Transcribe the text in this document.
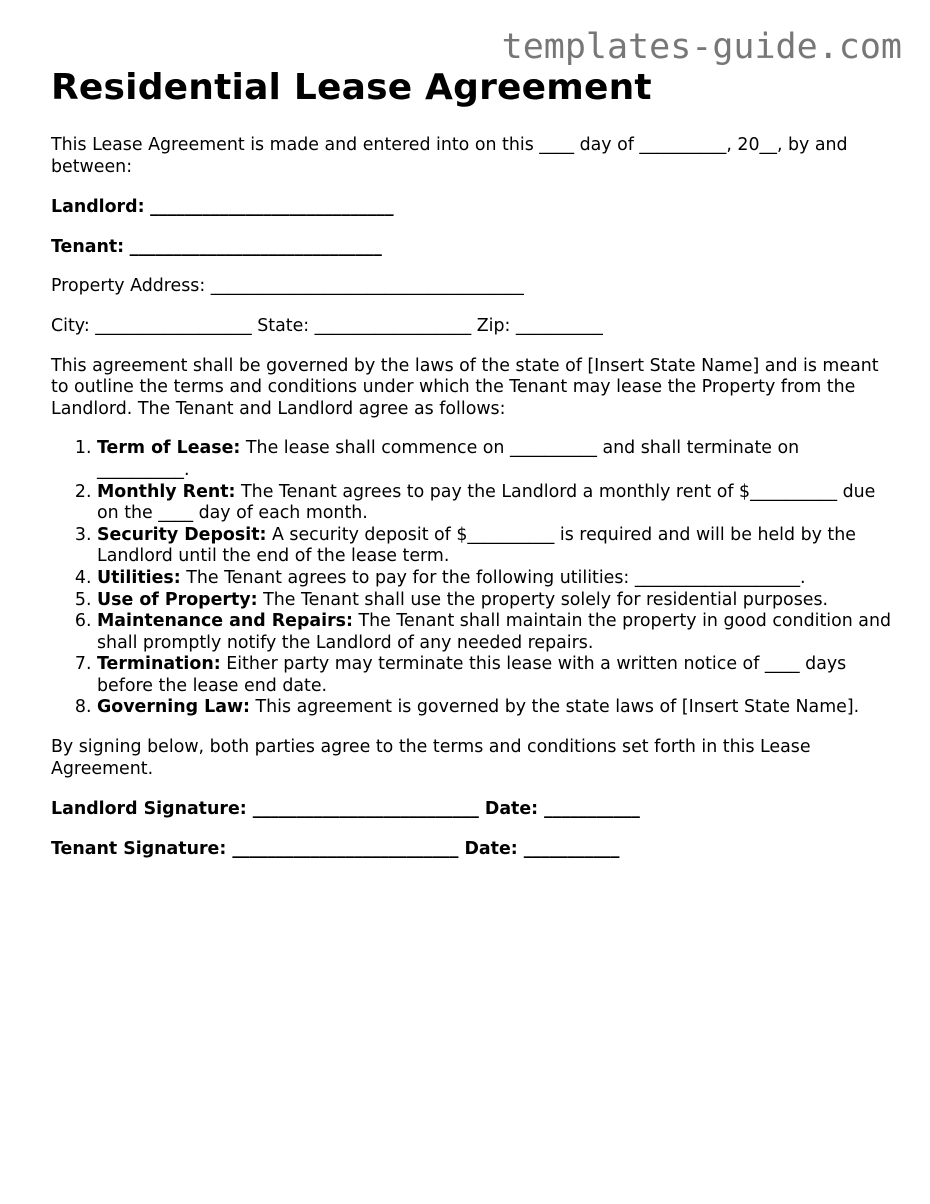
templates-guide.com
Residential Lease Agreement

This Lease Agreement is made and entered into on this ____ day of __________, 20__, by and between:

Landlord: ____________________________

Tenant: _____________________________

Property Address: ____________________________________

City: __________________ State: __________________ Zip: __________

This agreement shall be governed by the laws of the state of [Insert State Name] and is meant to outline the terms and conditions under which the Tenant may lease the Property from the Landlord. The Tenant and Landlord agree as follows:

1. Term of Lease: The lease shall commence on __________ and shall terminate on __________.
2. Monthly Rent: The Tenant agrees to pay the Landlord a monthly rent of $__________ due on the ____ day of each month.
3. Security Deposit: A security deposit of $__________ is required and will be held by the Landlord until the end of the lease term.
4. Utilities: The Tenant agrees to pay for the following utilities: ___________________.
5. Use of Property: The Tenant shall use the property solely for residential purposes.
6. Maintenance and Repairs: The Tenant shall maintain the property in good condition and shall promptly notify the Landlord of any needed repairs.
7. Termination: Either party may terminate this lease with a written notice of ____ days before the lease end date.
8. Governing Law: This agreement is governed by the state laws of [Insert State Name].

By signing below, both parties agree to the terms and conditions set forth in this Lease Agreement.

Landlord Signature: __________________________ Date: ___________

Tenant Signature: __________________________ Date: ___________
